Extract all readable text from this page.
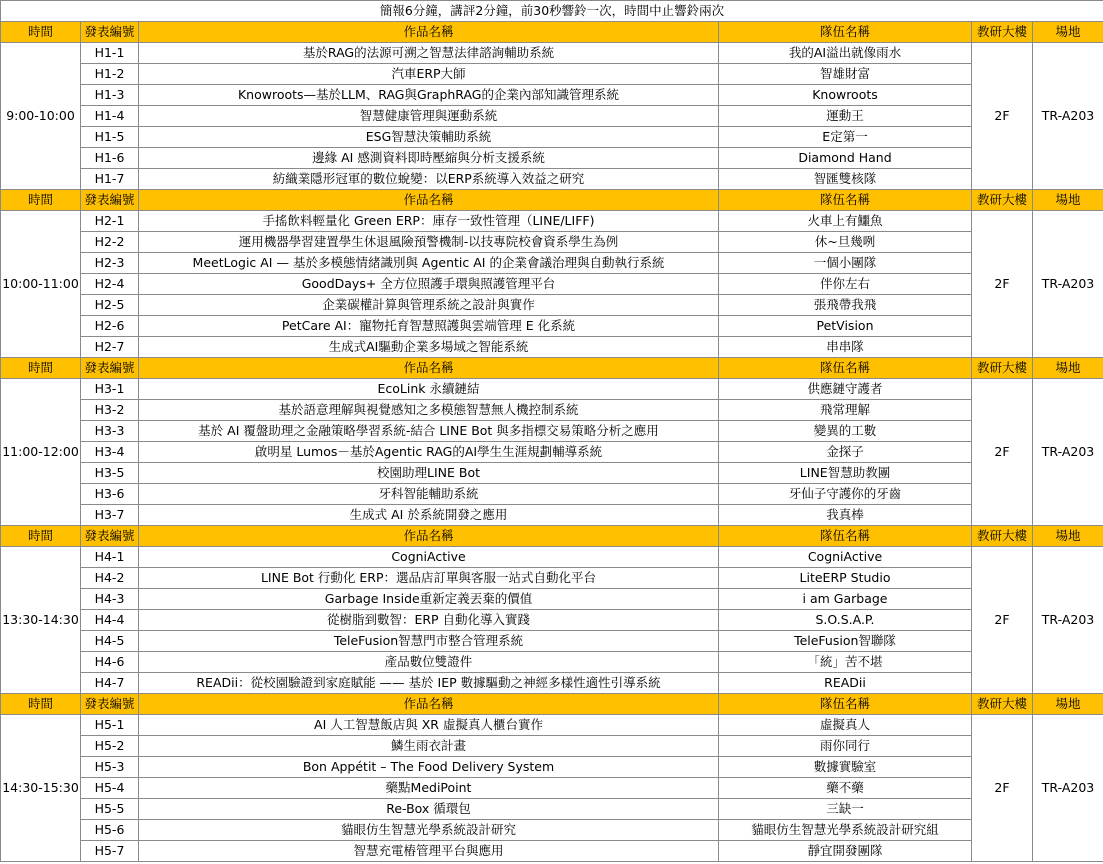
簡報6分鐘，講評2分鐘，前30秒響鈴一次，時間中止響鈴兩次					
時間	發表編號	作品名稱	隊伍名稱	教研大樓	場地
9:00-10:00	H1-1	基於RAG的法源可溯之智慧法律諮詢輔助系統	我的AI溢出就像雨水	2F	TR-A203
	H1-2	汽車ERP大師	智雄財富		
	H1-3	Knowroots—基於LLM、RAG與GraphRAG的企業內部知識管理系統	Knowroots		
	H1-4	智慧健康管理與運動系統	運動王		
	H1-5	ESG智慧決策輔助系統	E定第一		
	H1-6	邊緣 AI 感測資料即時壓縮與分析支援系統	Diamond Hand		
	H1-7	紡織業隱形冠軍的數位蛻變：以ERP系統導入效益之研究	智匯雙核隊		
時間	發表編號	作品名稱	隊伍名稱	教研大樓	場地
10:00-11:00	H2-1	手搖飲料輕量化 Green ERP：庫存一致性管理（LINE/LIFF)	火車上有鱷魚	2F	TR-A203
	H2-2	運用機器學習建置學生休退風險預警機制-以技專院校會資系學生為例	休~旦幾咧		
	H2-3	MeetLogic AI — 基於多模態情緒識別與 Agentic AI 的企業會議治理與自動執行系統	一個小團隊		
	H2-4	GoodDays+ 全方位照護手環與照護管理平台	伴你左右		
	H2-5	企業碳權計算與管理系統之設計與實作	張飛帶我飛		
	H2-6	PetCare AI：寵物托育智慧照護與雲端管理 E 化系統	PetVision		
	H2-7	生成式AI驅動企業多場域之智能系統	串串隊		
時間	發表編號	作品名稱	隊伍名稱	教研大樓	場地
11:00-12:00	H3-1	EcoLink 永續鏈結	供應鏈守護者	2F	TR-A203
	H3-2	基於語意理解與視覺感知之多模態智慧無人機控制系統	飛常理解		
	H3-3	基於 AI 覆盤助理之金融策略學習系統-結合 LINE Bot 與多指標交易策略分析之應用	變異的工數		
	H3-4	啟明星 Lumos－基於Agentic RAG的AI學生生涯規劃輔導系統	金探子		
	H3-5	校園助理LINE Bot	LINE智慧助教團		
	H3-6	牙科智能輔助系統	牙仙子守護你的牙齒		
	H3-7	生成式 AI 於系統開發之應用	我真棒		
時間	發表編號	作品名稱	隊伍名稱	教研大樓	場地
13:30-14:30	H4-1	CogniActive	CogniActive	2F	TR-A203
	H4-2	LINE Bot 行動化 ERP：選品店訂單與客服一站式自動化平台	LiteERP Studio		
	H4-3	Garbage Inside重新定義丟棄的價值	i am Garbage		
	H4-4	從樹脂到數智：ERP 自動化導入實踐	S.O.S.A.P.		
	H4-5	TeleFusion智慧門市整合管理系統	TeleFusion智聯隊		
	H4-6	產品數位雙證件	「統」苦不堪		
	H4-7	READii：從校園驗證到家庭賦能 —— 基於 IEP 數據驅動之神經多樣性適性引導系統	READii		
時間	發表編號	作品名稱	隊伍名稱	教研大樓	場地
14:30-15:30	H5-1	AI 人工智慧飯店與 XR 虛擬真人櫃台實作	虛擬真人	2F	TR-A203
	H5-2	鱗生雨衣計畫	雨你同行		
	H5-3	Bon Appétit – The Food Delivery System	數據實驗室		
	H5-4	藥點MediPoint	藥不藥		
	H5-5	Re-Box 循環包	三缺一		
	H5-6	貓眼仿生智慧光學系統設計研究	貓眼仿生智慧光學系統設計研究組		
	H5-7	智慧充電樁管理平台與應用	靜宜開發團隊		
